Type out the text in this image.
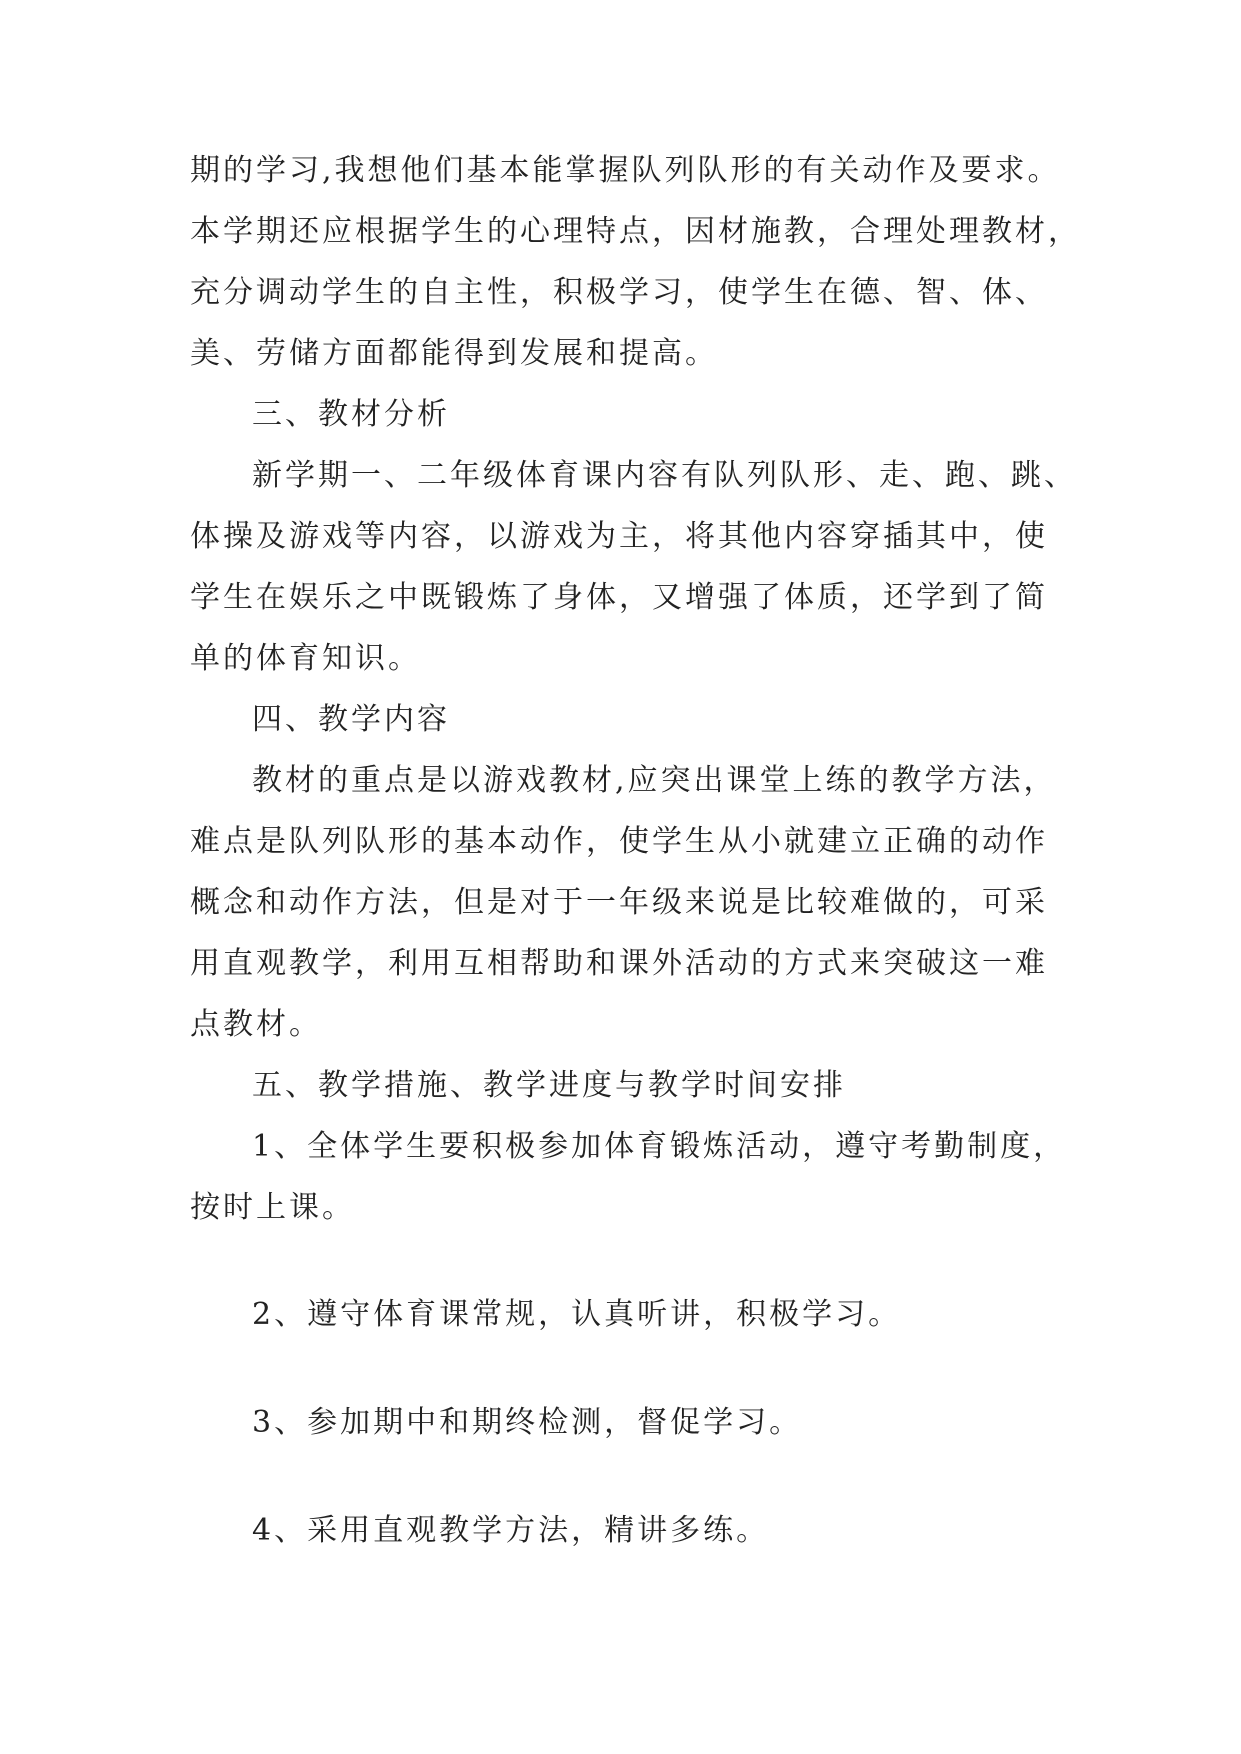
期的学习,我想他们基本能掌握队列队形的有关动作及要求。
本学期还应根据学生的心理特点，因材施教，合理处理教材，
充分调动学生的自主性，积极学习，使学生在德、智、体、
美、劳储方面都能得到发展和提高。
三、教材分析
新学期一、二年级体育课内容有队列队形、走、跑、跳、
体操及游戏等内容，以游戏为主，将其他内容穿插其中，使
学生在娱乐之中既锻炼了身体，又增强了体质，还学到了简
单的体育知识。
四、教学内容
教材的重点是以游戏教材,应突出课堂上练的教学方法，
难点是队列队形的基本动作，使学生从小就建立正确的动作
概念和动作方法，但是对于一年级来说是比较难做的，可采
用直观教学，利用互相帮助和课外活动的方式来突破这一难
点教材。
五、教学措施、教学进度与教学时间安排
1、全体学生要积极参加体育锻炼活动，遵守考勤制度，
按时上课。
2、遵守体育课常规，认真听讲，积极学习。
3、参加期中和期终检测，督促学习。
4、采用直观教学方法，精讲多练。
